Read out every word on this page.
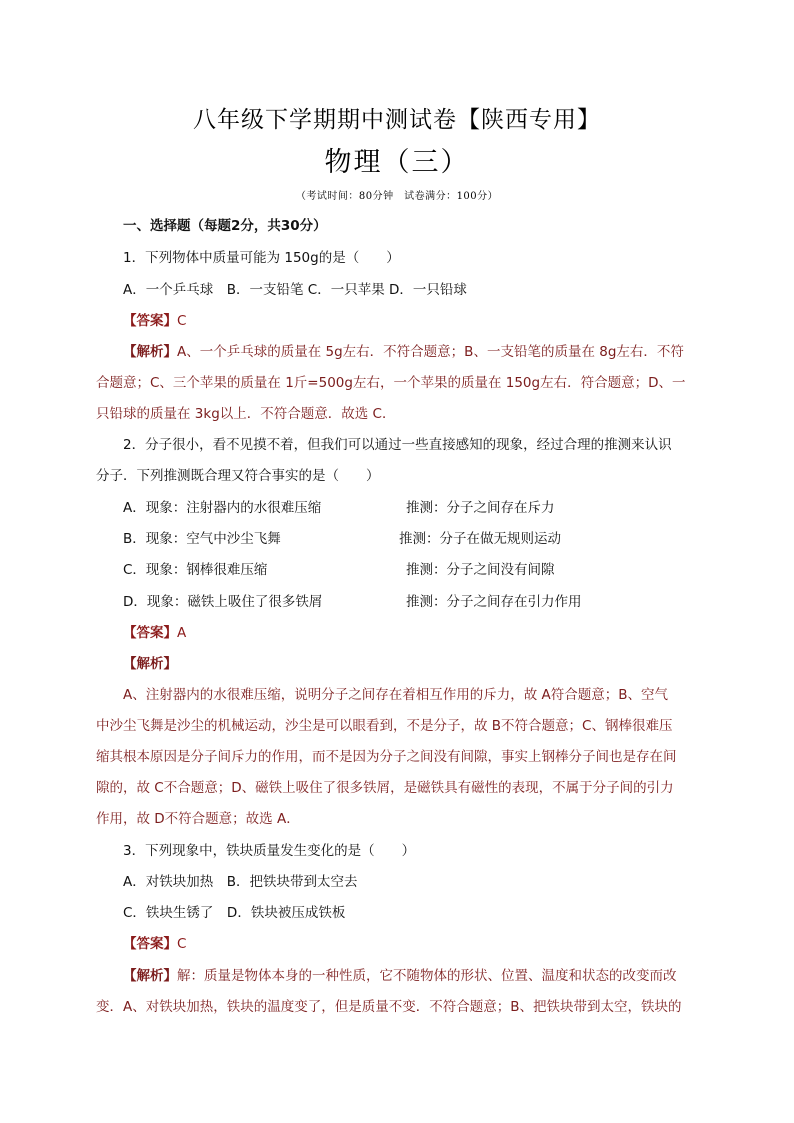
八年级下学期期中测试卷【陕西专用】
物理（三）
（考试时间：80分钟　试卷满分：100分）
一、选择题（每题2分，共30分）
1．下列物体中质量可能为 150g的是（　　）
A．一个乒乓球　B．一支铅笔 C．一只苹果 D．一只铅球
【答案】C
【解析】A、一个乒乓球的质量在 5g左右．不符合题意；B、一支铅笔的质量在 8g左右．不符
合题意；C、三个苹果的质量在 1斤=500g左右，一个苹果的质量在 150g左右．符合题意；D、一
只铅球的质量在 3kg以上．不符合题意．故选 C．
2．分子很小，看不见摸不着，但我们可以通过一些直接感知的现象，经过合理的推测来认识
分子．下列推测既合理又符合事实的是（　　）
A．现象：注射器内的水很难压缩	推测：分子之间存在斥力
B．现象：空气中沙尘飞舞	推测：分子在做无规则运动
C．现象：钢棒很难压缩	推测：分子之间没有间隙
D．现象：磁铁上吸住了很多铁屑	推测：分子之间存在引力作用
【答案】A
【解析】
A、注射器内的水很难压缩，说明分子之间存在着相互作用的斥力，故 A符合题意；B、空气
中沙尘飞舞是沙尘的机械运动，沙尘是可以眼看到，不是分子，故 B不符合题意；C、钢棒很难压
缩其根本原因是分子间斥力的作用，而不是因为分子之间没有间隙，事实上钢棒分子间也是存在间
隙的，故 C不合题意；D、磁铁上吸住了很多铁屑，是磁铁具有磁性的表现，不属于分子间的引力
作用，故 D不符合题意；故选 A．
3．下列现象中，铁块质量发生变化的是（　　）
A．对铁块加热　B．把铁块带到太空去
C．铁块生锈了　D．铁块被压成铁板
【答案】C
【解析】解：质量是物体本身的一种性质，它不随物体的形状、位置、温度和状态的改变而改
变．A、对铁块加热，铁块的温度变了，但是质量不变．不符合题意；B、把铁块带到太空，铁块的
